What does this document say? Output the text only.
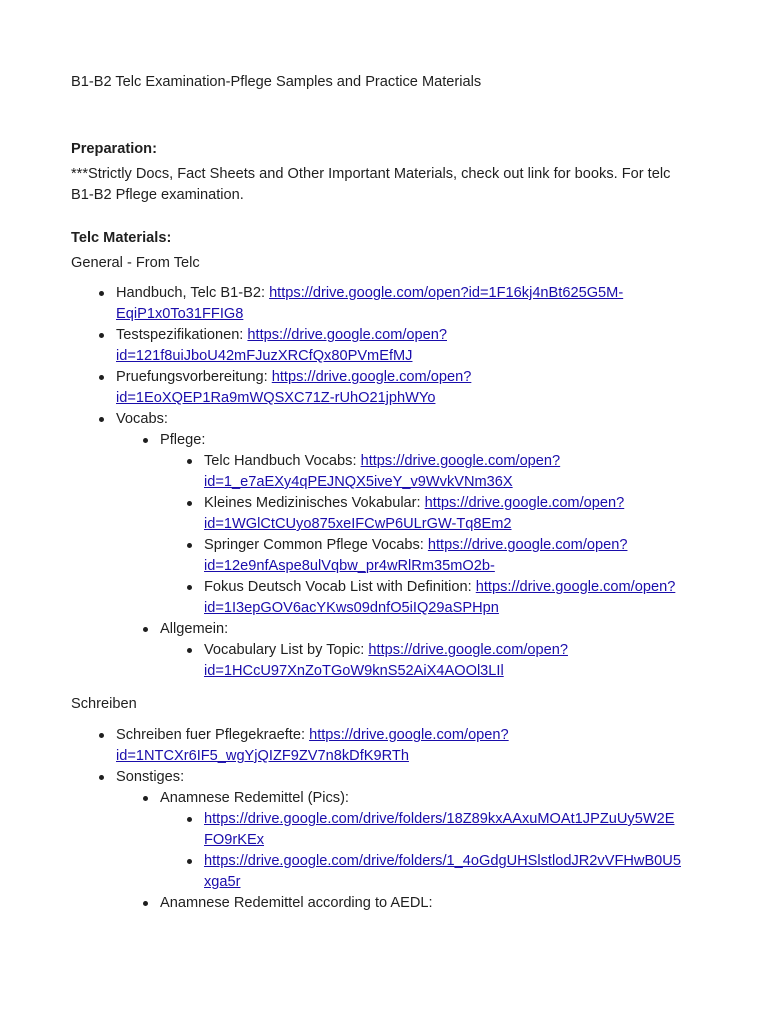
B1-B2 Telc Examination-Pflege Samples and Practice Materials
Preparation:
***Strictly Docs, Fact Sheets and Other Important Materials, check out link for books. For telc
B1-B2 Pflege examination.
Telc Materials:
General - From Telc
Handbuch, Telc B1-B2: https://drive.google.com/open?id=1F16kj4nBt625G5M-
EqiP1x0To31FFIG8
Testspezifikationen: https://drive.google.com/open?
id=121f8uiJboU42mFJuzXRCfQx80PVmEfMJ
Pruefungsvorbereitung: https://drive.google.com/open?
id=1EoXQEP1Ra9mWQSXC71Z-rUhO21jphWYo
Vocabs:
Pflege:
Telc Handbuch Vocabs: https://drive.google.com/open?
id=1_e7aEXy4qPEJNQX5iveY_v9WvkVNm36X
Kleines Medizinisches Vokabular: https://drive.google.com/open?
id=1WGlCtCUyo875xeIFCwP6ULrGW-Tq8Em2
Springer Common Pflege Vocabs: https://drive.google.com/open?
id=12e9nfAspe8ulVqbw_pr4wRlRm35mO2b-
Fokus Deutsch Vocab List with Definition: https://drive.google.com/open?
id=1I3epGOV6acYKws09dnfO5iIQ29aSPHpn
Allgemein:
Vocabulary List by Topic: https://drive.google.com/open?
id=1HCcU97XnZoTGoW9knS52AiX4AOOl3LIl
Schreiben
Schreiben fuer Pflegekraefte: https://drive.google.com/open?
id=1NTCXr6IF5_wgYjQIZF9ZV7n8kDfK9RTh
Sonstiges:
Anamnese Redemittel (Pics):
https://drive.google.com/drive/folders/18Z89kxAAxuMOAt1JPZuUy5W2E
FO9rKEx
https://drive.google.com/drive/folders/1_4oGdgUHSlstlodJR2vVFHwB0U5
xga5r
Anamnese Redemittel according to AEDL:
